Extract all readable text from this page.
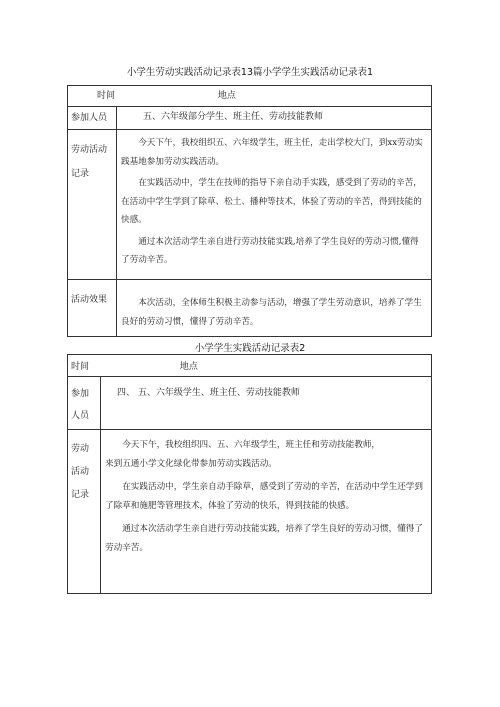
小学生劳动实践活动记录表13篇小学学生实践活动记录表1
时间 地点	
参加人员	五、六年级部分学生、班主任、劳动技能教师
劳动活动记录	今天下午，我校组织五、六年级学生，班主任，走出学校大门，到xx劳动实践基地参加劳动实践活动。

在实践活动中，学生在技师的指导下亲自动手实践，感受到了劳动的辛苦，在活动中学生学到了除草、松土、播种等技术，体验了劳动的辛苦，得到技能的快感。

通过本次活动学生亲自进行劳动技能实践,培养了学生良好的劳动习惯,懂得了劳动辛苦。

活动效果	本次活动，全体师生积极主动参与活动，增强了学生劳动意识，培养了学生良好的劳动习惯，懂得了劳动辛苦。

小学学生实践活动记录表2
时间 地点	
参加人员	四、 五、六年级学生、班主任、劳动技能教师
劳动活动记录	今天下午，我校组织四、五、六年级学生，班主任和劳动技能教师，
来到五通小学文化绿化带参加劳动实践活动。

在实践活动中，学生亲自动手除草，感受到了劳动的辛苦，在活动中学生还学到了除草和施肥等管理技术，体验了劳动的快乐，得到技能的快感。

通过本次活动学生亲自进行劳动技能实践，培养了学生良好的劳动习惯，懂得了劳动辛苦。
